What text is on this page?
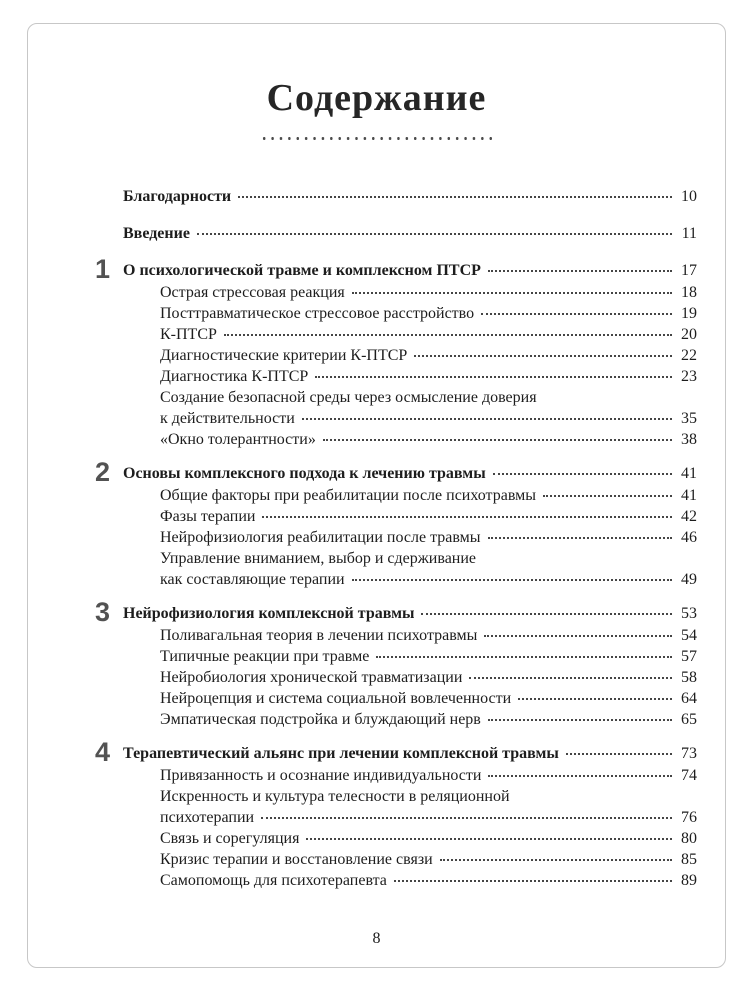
Содержание
Благодарности	10
Введение	11
1 О психологической травме и комплексном ПТСР	17
Острая стрессовая реакция	18
Посттравматическое стрессовое расстройство	19
К-ПТСР	20
Диагностические критерии К-ПТСР	22
Диагностика К-ПТСР	23
Создание безопасной среды через осмысление доверия
к действительности	35
«Окно толерантности»	38
2 Основы комплексного подхода к лечению травмы	41
Общие факторы при реабилитации после психотравмы	41
Фазы терапии	42
Нейрофизиология реабилитации после травмы	46
Управление вниманием, выбор и сдерживание
как составляющие терапии	49
3 Нейрофизиология комплексной травмы	53
Поливагальная теория в лечении психотравмы	54
Типичные реакции при травме	57
Нейробиология хронической травматизации	58
Нейроцепция и система социальной вовлеченности	64
Эмпатическая подстройка и блуждающий нерв	65
4 Терапевтический альянс при лечении комплексной травмы	73
Привязанность и осознание индивидуальности	74
Искренность и культура телесности в реляционной
психотерапии	76
Связь и сорегуляция	80
Кризис терапии и восстановление связи	85
Самопомощь для психотерапевта	89
8
